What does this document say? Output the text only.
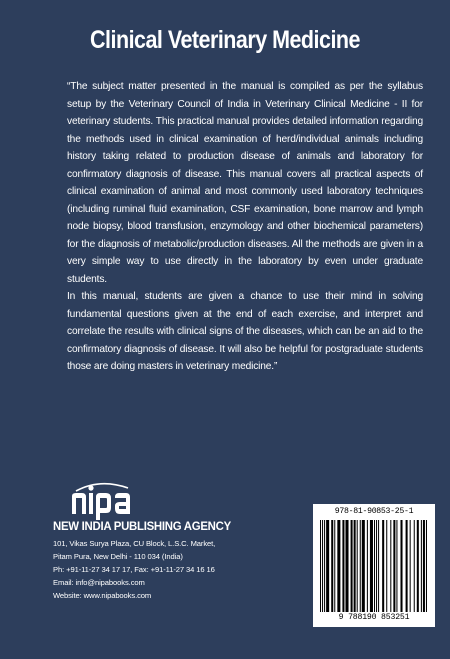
Clinical Veterinary Medicine

“The subject matter presented in the manual is compiled as per the syllabus setup by the Veterinary Council of India in Veterinary Clinical Medicine - II for veterinary students. This practical manual provides detailed information regarding the methods used in clinical examination of herd/individual animals including history taking related to production disease of animals and laboratory for confirmatory diagnosis of disease. This manual covers all practical aspects of clinical examination of animal and most commonly used laboratory techniques (including ruminal fluid examination, CSF examination, bone marrow and lymph node biopsy, blood transfusion, enzymology and other biochemical parameters) for the diagnosis of metabolic/production diseases. All the methods are given in a very simple way to use directly in the laboratory by even under graduate students.

In this manual, students are given a chance to use their mind in solving fundamental questions given at the end of each exercise, and interpret and correlate the results with clinical signs of the diseases, which can be an aid to the confirmatory diagnosis of disease. It will also be helpful for postgraduate students those are doing masters in veterinary medicine.”

NEW INDIA PUBLISHING AGENCY
101, Vikas Surya Plaza, CU Block, L.S.C. Market,
Pitam Pura, New Delhi - 110 034 (India)
Ph: +91-11-27 34 17 17, Fax: +91-11-27 34 16 16
Email: info@nipabooks.com
Website: www.nipabooks.com
978-81-90853-25-1
9 788190 853251
